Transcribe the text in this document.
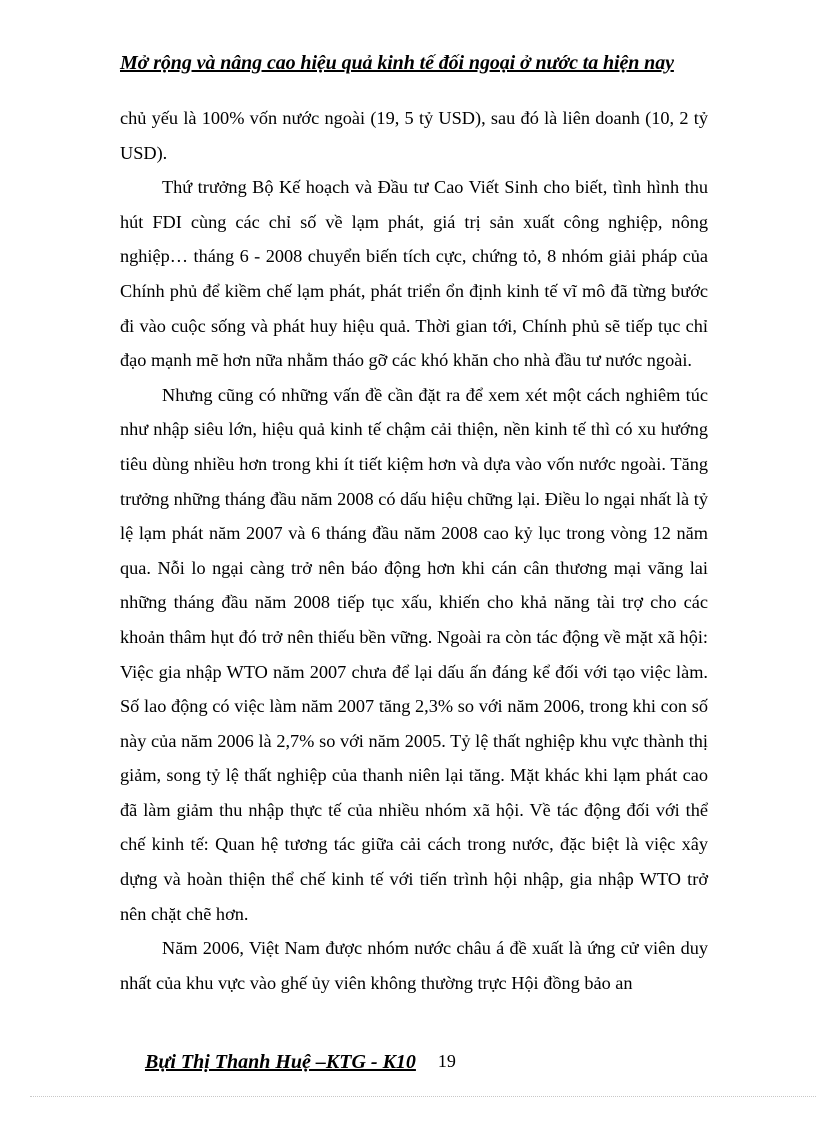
Mở rộng và nâng cao hiệu quả kinh tế đối ngoại ở nước ta hiện nay

chủ yếu là 100% vốn nước ngoài (19, 5 tỷ USD), sau đó là liên doanh (10, 2 tỷ USD).

Thứ trưởng Bộ Kế hoạch và Đầu tư Cao Viết Sinh cho biết, tình hình thu hút FDI cùng các chỉ số về lạm phát, giá trị sản xuất công nghiệp, nông nghiệp… tháng 6 - 2008 chuyển biến tích cực, chứng tỏ, 8 nhóm giải pháp của Chính phủ để kiềm chế lạm phát, phát triển ổn định kinh tế vĩ mô đã từng bước đi vào cuộc sống và phát huy hiệu quả. Thời gian tới, Chính phủ sẽ tiếp tục chỉ đạo mạnh mẽ hơn nữa nhằm tháo gỡ các khó khăn cho nhà đầu tư nước ngoài.

Nhưng cũng có những vấn đề cần đặt ra để xem xét một cách nghiêm túc như nhập siêu lớn, hiệu quả kinh tế chậm cải thiện, nền kinh tế thì có xu hướng tiêu dùng nhiều hơn trong khi ít tiết kiệm hơn và dựa vào vốn nước ngoài. Tăng trưởng những tháng đầu năm 2008 có dấu hiệu chững lại. Điều lo ngại nhất là tỷ lệ lạm phát năm 2007 và 6 tháng đầu năm 2008 cao kỷ lục trong vòng 12 năm qua. Nỗi lo ngại càng trở nên báo động hơn khi cán cân thương mại vãng lai những tháng đầu năm 2008 tiếp tục xấu, khiến cho khả năng tài trợ cho các khoản thâm hụt đó trở nên thiếu bền vững. Ngoài ra còn tác động về mặt xã hội: Việc gia nhập WTO năm 2007 chưa để lại dấu ấn đáng kể đối với tạo việc làm. Số lao động có việc làm năm 2007 tăng 2,3% so với năm 2006, trong khi con số này của năm 2006 là 2,7% so với năm 2005. Tỷ lệ thất nghiệp khu vực thành thị giảm, song tỷ lệ thất nghiệp của thanh niên lại tăng. Mặt khác khi lạm phát cao đã làm giảm thu nhập thực tế của nhiều nhóm xã hội. Về tác động đối với thể chế kinh tế: Quan hệ tương tác giữa cải cách trong nước, đặc biệt là việc xây dựng và hoàn thiện thể chế kinh tế với tiến trình hội nhập, gia nhập WTO trở nên chặt chẽ hơn.

Năm 2006, Việt Nam được nhóm nước châu á đề xuất là ứng cử viên duy nhất của khu vực vào ghế ủy viên không thường trực Hội đồng bảo an

Bựi Thị Thanh Huệ –KTG - K10 19
